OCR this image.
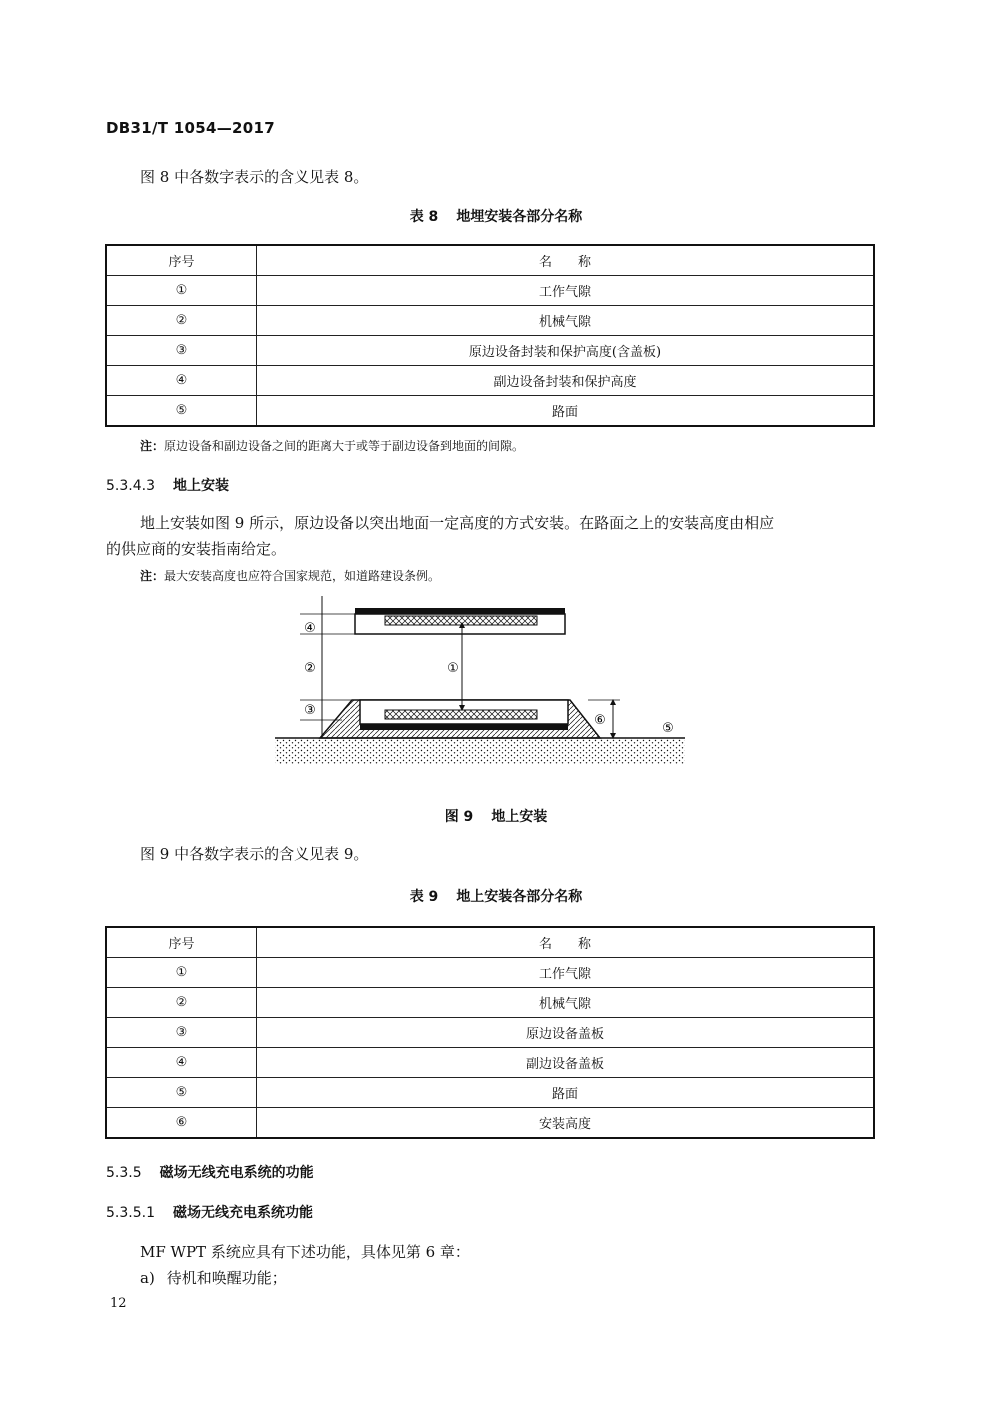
DB31/T 1054—2017
图 8 中各数字表示的含义见表 8。
表 8 地埋安装各部分名称
序号	名　　称
①	工作气隙
②	机械气隙
③	原边设备封装和保护高度(含盖板)
④	副边设备封装和保护高度
⑤	路面
注：原边设备和副边设备之间的距离大于或等于副边设备到地面的间隙。
5.3.4.3 地上安装
地上安装如图 9 所示，原边设备以突出地面一定高度的方式安装。在路面之上的安装高度由相应
的供应商的安装指南给定。
注：最大安装高度也应符合国家规范，如道路建设条例。
④
②	①
③
⑥
⑤
图 9 地上安装
图 9 中各数字表示的含义见表 9。
表 9 地上安装各部分名称
序号	名　　称
①	工作气隙
②	机械气隙
③	原边设备盖板
④	副边设备盖板
⑤	路面
⑥	安装高度
5.3.5 磁场无线充电系统的功能
5.3.5.1 磁场无线充电系统功能
MF WPT 系统应具有下述功能，具体见第 6 章：
a) 待机和唤醒功能；
12
